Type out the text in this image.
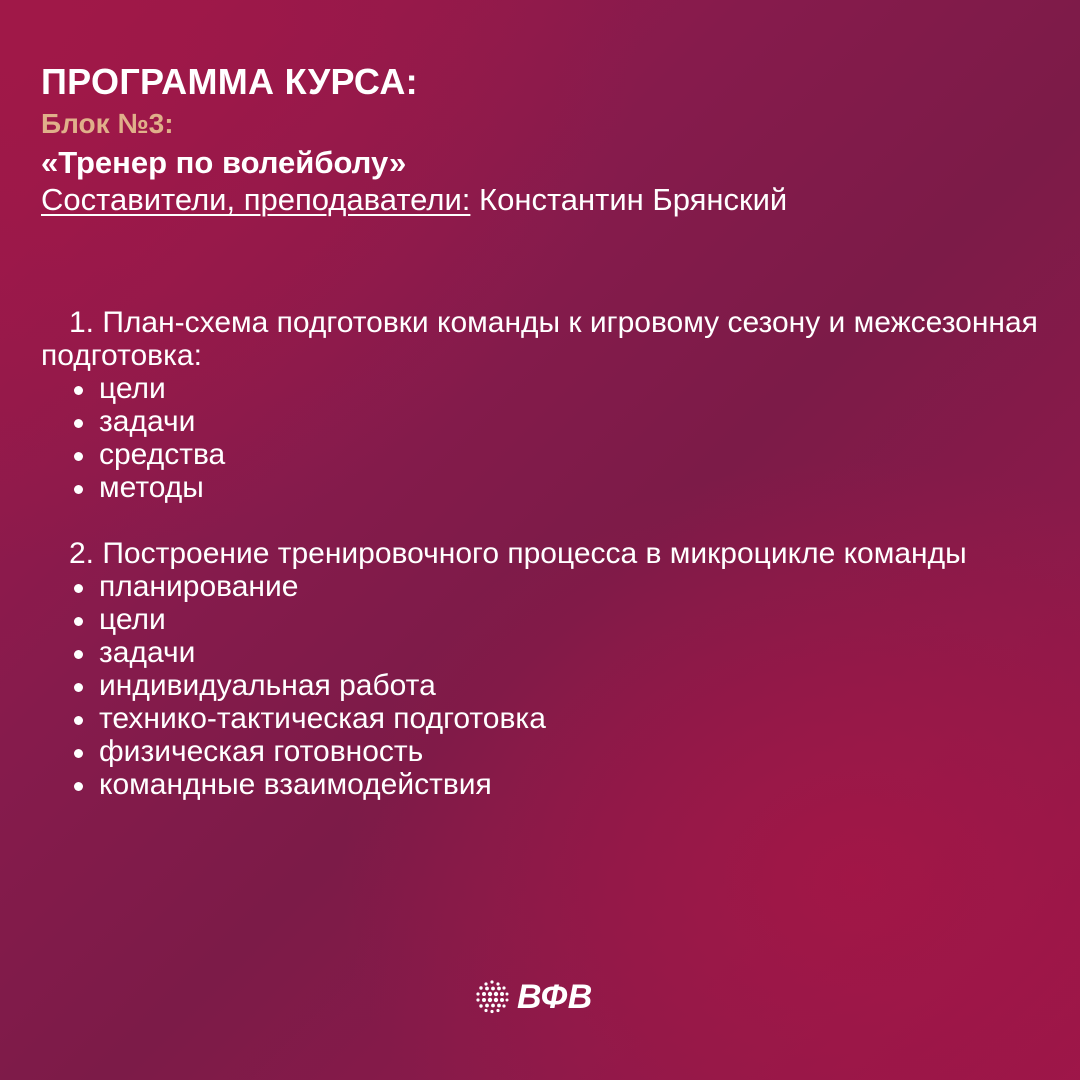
ПРОГРАММА КУРСА:
Блок №3:
«Тренер по волейболу»
Составители, преподаватели: Константин Брянский

1. План-схема подготовки команды к игровому сезону и межсезонная подготовка:

цели
задачи
средства
методы

2. Построение тренировочного процесса в микроцикле команды

планирование
цели
задачи
индивидуальная работа
технико-тактическая подготовка
физическая готовность
командные взаимодействия
ВФВ
